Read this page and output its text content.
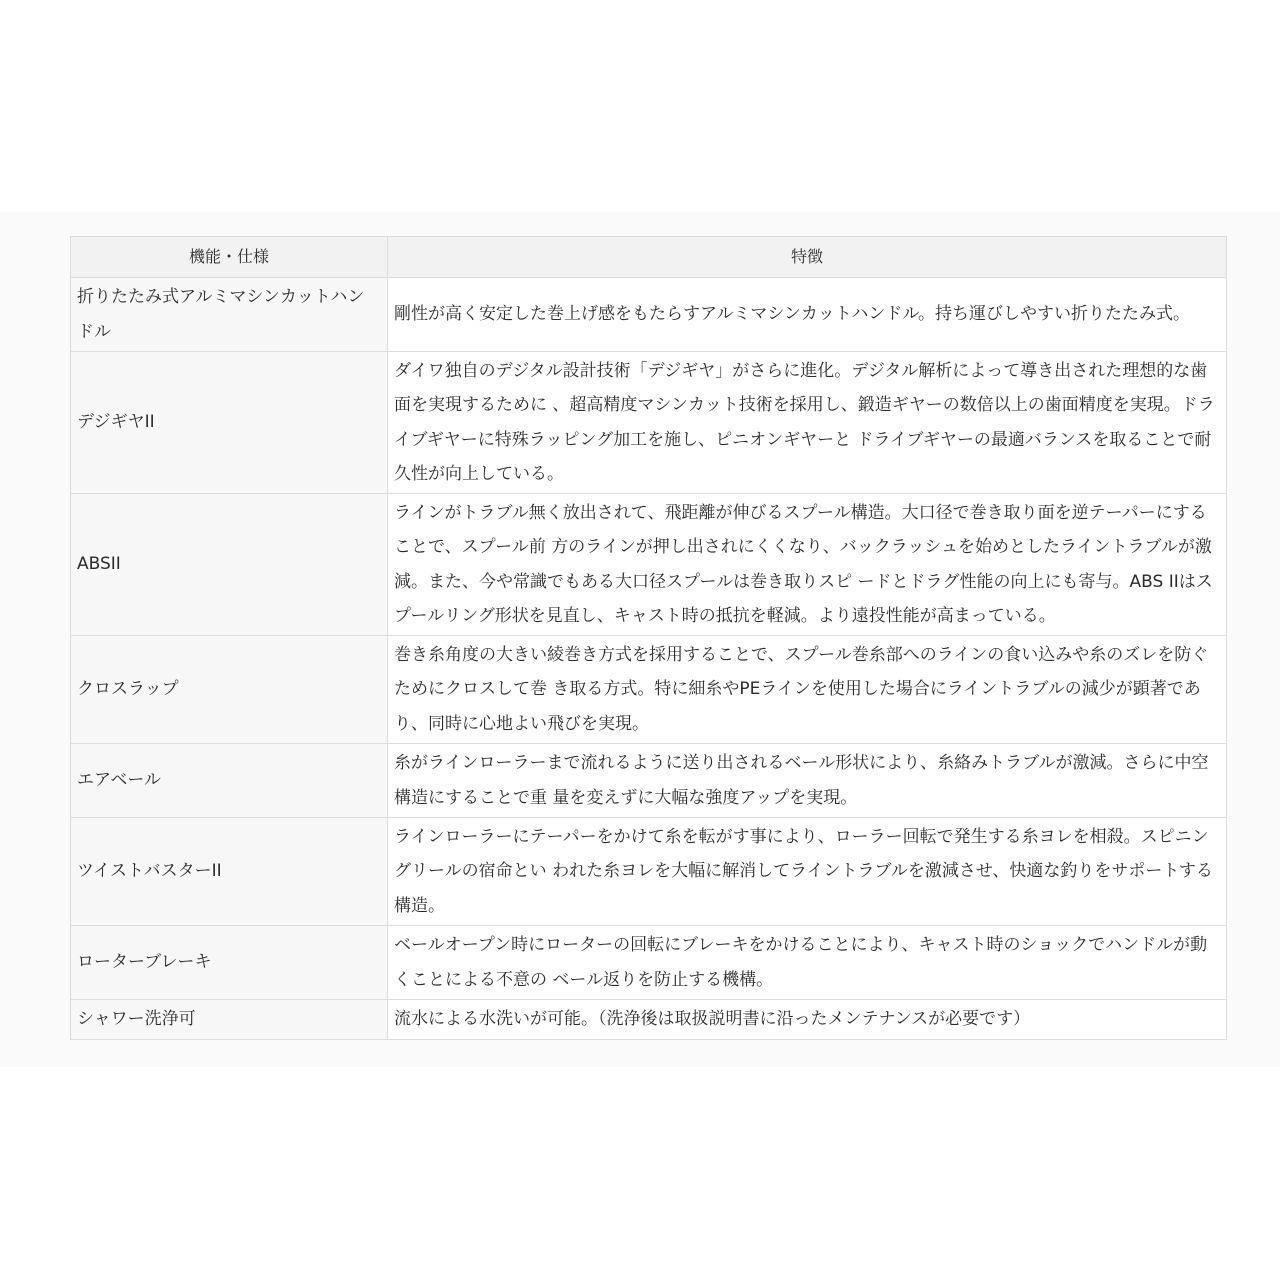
機能・仕様	特徴
折りたたみ式アルミマシンカットハンドル	剛性が高く安定した巻上げ感をもたらすアルミマシンカットハンドル。持ち運びしやすい折りたたみ式。
デジギヤII	ダイワ独自のデジタル設計技術「デジギヤ」がさらに進化。デジタル解析によって導き出された理想的な歯面を実現するために 、超高精度マシンカット技術を採用し、鍛造ギヤーの数倍以上の歯面精度を実現。ドライブギヤーに特殊ラッピング加工を施し、ピニオンギヤーと ドライブギヤーの最適バランスを取ることで耐久性が向上している。
ABSII	ラインがトラブル無く放出されて、飛距離が伸びるスプール構造。大口径で巻き取り面を逆テーパーにすることで、スプール前 方のラインが押し出されにくくなり、バックラッシュを始めとしたライントラブルが激減。また、今や常識でもある大口径スプールは巻き取りスピ ードとドラグ性能の向上にも寄与。ABS IIはスプールリング形状を見直し、キャスト時の抵抗を軽減。より遠投性能が高まっている。
クロスラップ	巻き糸角度の大きい綾巻き方式を採用することで、スプール巻糸部へのラインの食い込みや糸のズレを防ぐためにクロスして巻 き取る方式。特に細糸やPEラインを使用した場合にライントラブルの減少が顕著であり、同時に心地よい飛びを実現。
エアベール	糸がラインローラーまで流れるように送り出されるベール形状により、糸絡みトラブルが激減。さらに中空構造にすることで重 量を変えずに大幅な強度アップを実現。
ツイストバスターII	ラインローラーにテーパーをかけて糸を転がす事により、ローラー回転で発生する糸ヨレを相殺。スピニングリールの宿命とい われた糸ヨレを大幅に解消してライントラブルを激減させ、快適な釣りをサポートする構造。
ローターブレーキ	ベールオープン時にローターの回転にブレーキをかけることにより、キャスト時のショックでハンドルが動くことによる不意の ベール返りを防止する機構。
シャワー洗浄可	流水による水洗いが可能。（洗浄後は取扱説明書に沿ったメンテナンスが必要です）
